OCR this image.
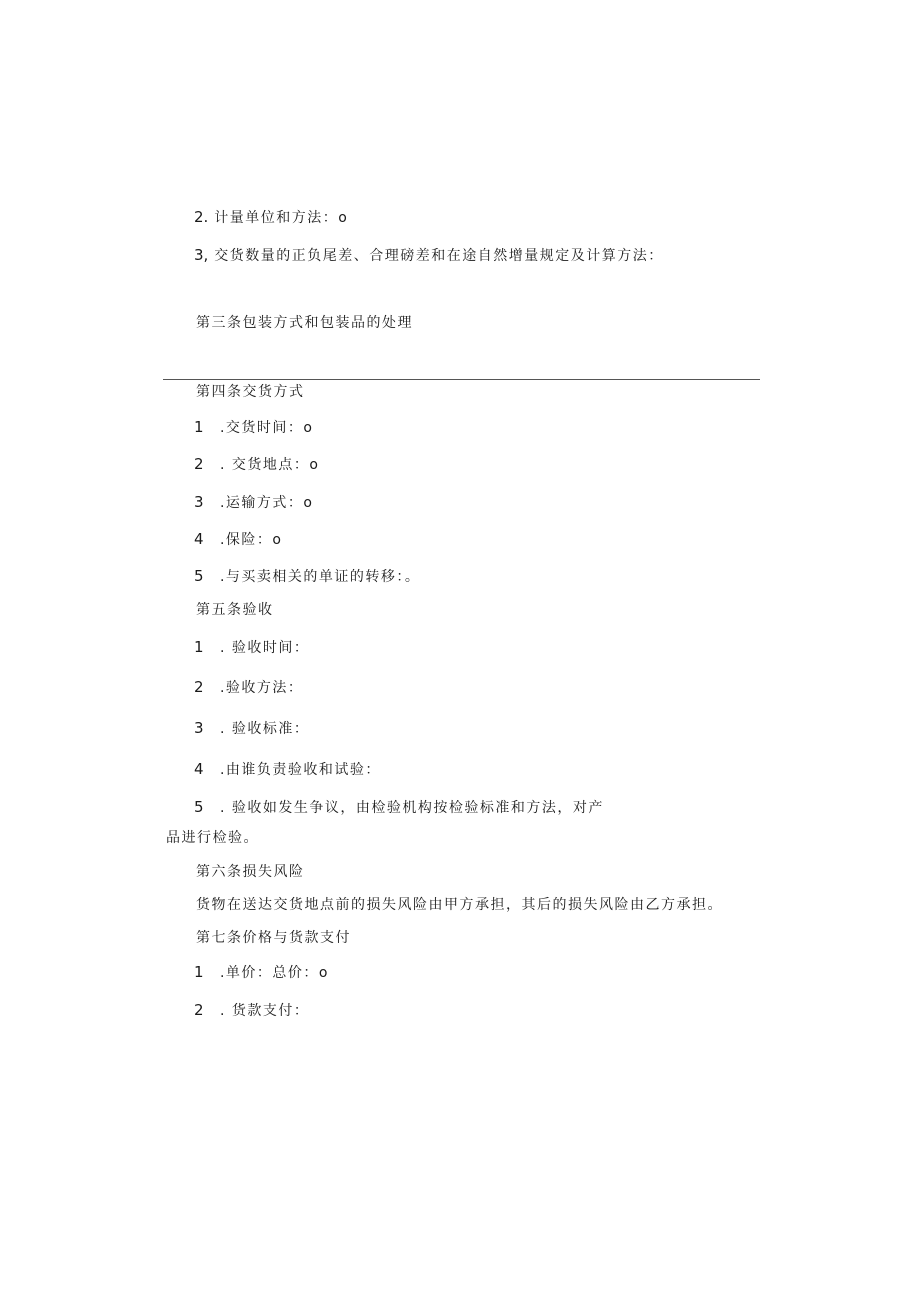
2. 计量单位和方法：o
3, 交货数量的正负尾差、合理磅差和在途自然增量规定及计算方法：
第三条包装方式和包装品的处理
第四条交货方式
1 .交货时间：o
2 . 交货地点：o
3 .运输方式：o
4 .保险：o
5 .与买卖相关的单证的转移：。
第五条验收
1 . 验收时间：
2 .验收方法：
3 . 验收标准：
4 .由谁负责验收和试验：
5 . 验收如发生争议，由检验机构按检验标准和方法，对产
品进行检验。
第六条损失风险
货物在送达交货地点前的损失风险由甲方承担，其后的损失风险由乙方承担。
第七条价格与货款支付
1 .单价：总价：o
2 . 货款支付：
